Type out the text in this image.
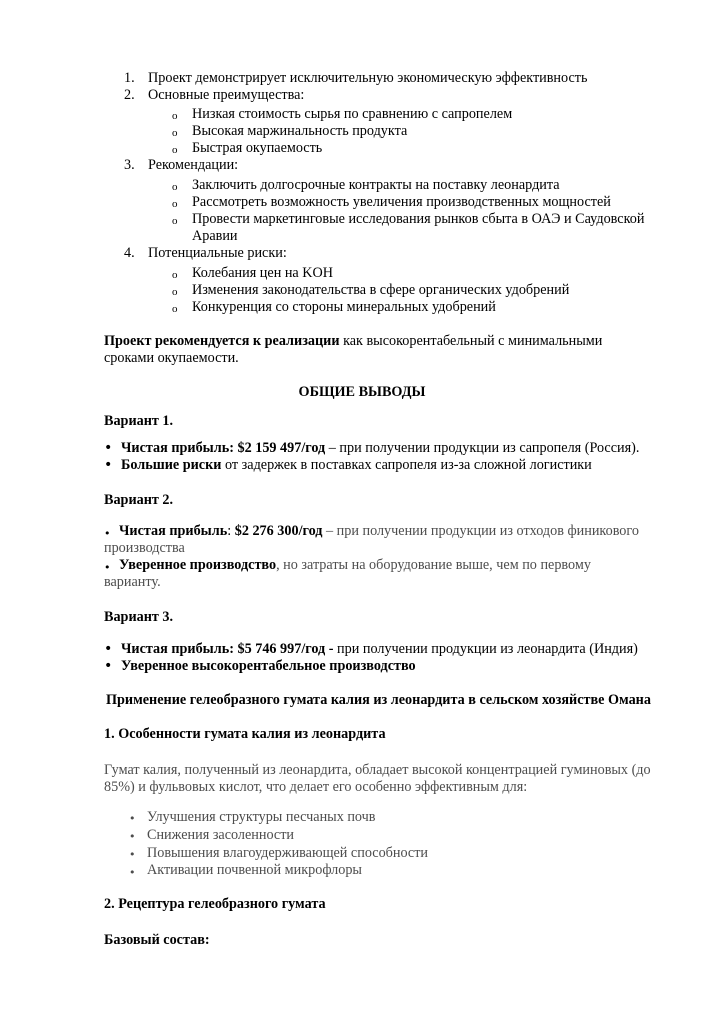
1. Проект демонстрирует исключительную экономическую эффективность
2. Основные преимущества:
o Низкая стоимость сырья по сравнению с сапропелем
o Высокая маржинальность продукта
o Быстрая окупаемость
3. Рекомендации:
o Заключить долгосрочные контракты на поставку леонардита
o Рассмотреть возможность увеличения производственных мощностей
o Провести маркетинговые исследования рынков сбыта в ОАЭ и Саудовской
Аравии
4. Потенциальные риски:
o Колебания цен на KOH
o Изменения законодательства в сфере органических удобрений
o Конкуренция со стороны минеральных удобрений
Проект рекомендуется к реализации как высокорентабельный с минимальными
сроками окупаемости.
ОБЩИЕ ВЫВОДЫ
Вариант 1.
• Чистая прибыль: $2 159 497/год – при получении продукции из сапропеля (Россия).
• Большие риски от задержек в поставках сапропеля из-за сложной логистики
Вариант 2.
• Чистая прибыль: $2 276 300/год – при получении продукции из отходов финикового
производства
• Уверенное производство, но затраты на оборудование выше, чем по первому
варианту.
Вариант 3.
• Чистая прибыль: $5 746 997/год - при получении продукции из леонардита (Индия)
• Уверенное высокорентабельное производство
Применение гелеобразного гумата калия из леонардита в сельском хозяйстве Омана
1. Особенности гумата калия из леонардита
Гумат калия, полученный из леонардита, обладает высокой концентрацией гуминовых (до
85%) и фульвовых кислот, что делает его особенно эффективным для:
• Улучшения структуры песчаных почв
• Снижения засоленности
• Повышения влагоудерживающей способности
• Активации почвенной микрофлоры
2. Рецептура гелеобразного гумата
Базовый состав:
